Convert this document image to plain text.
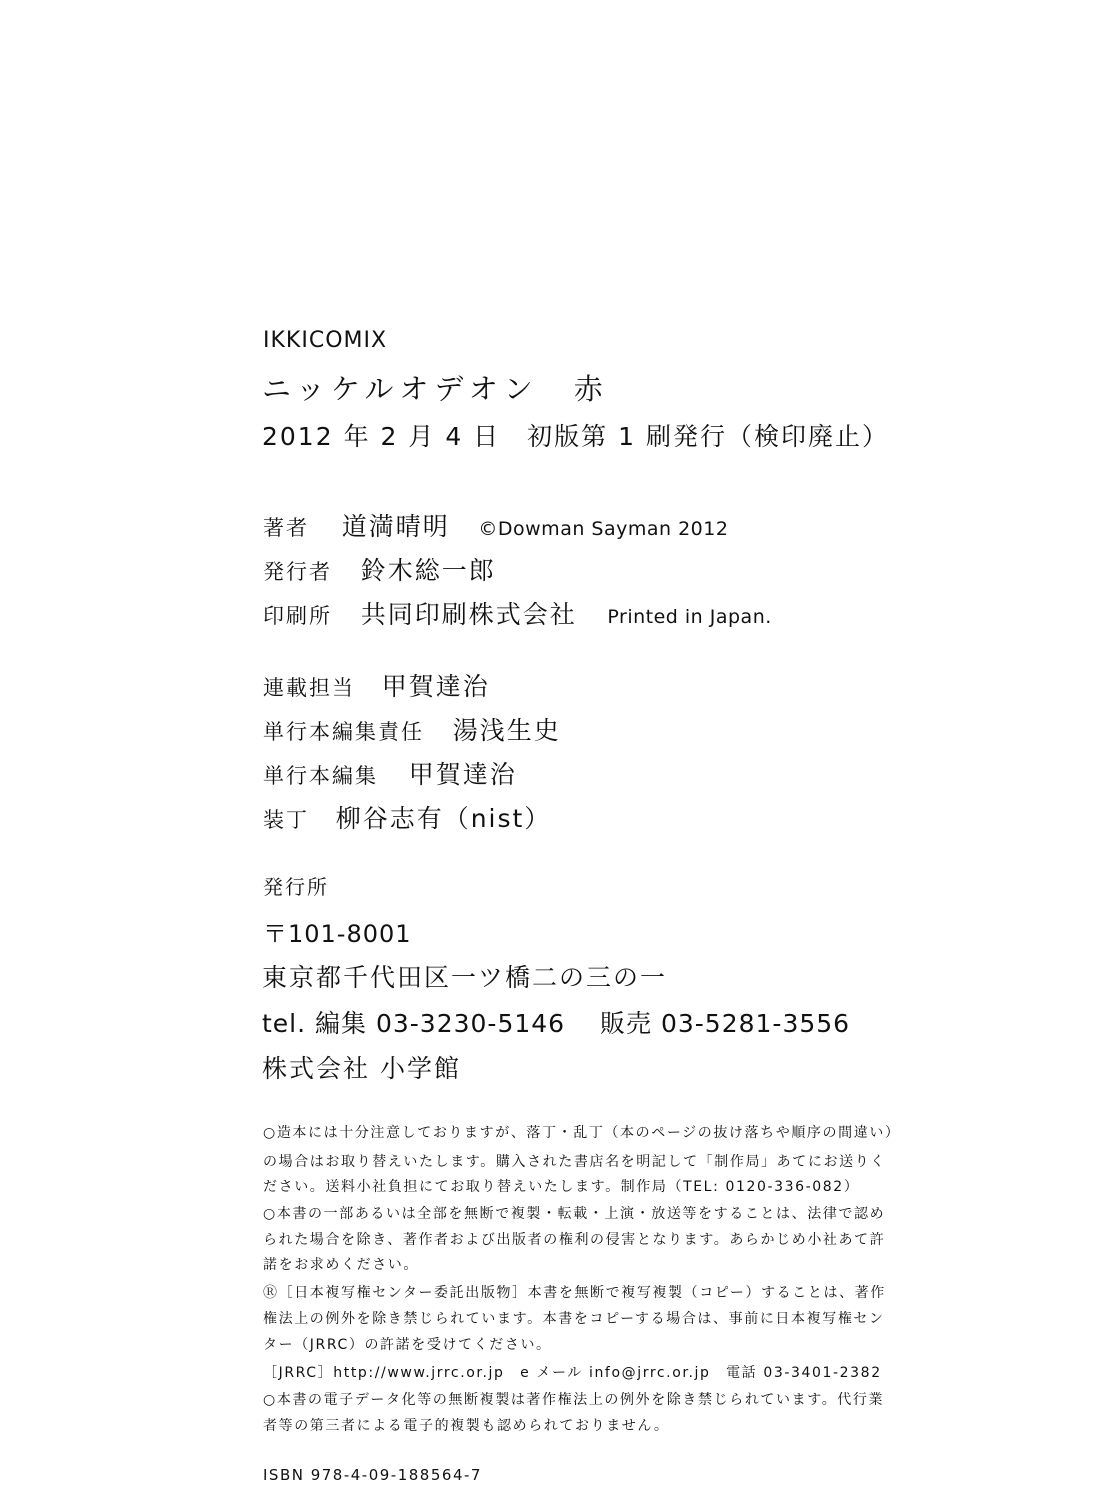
IKKICOMIX
ニッケルオデオン　赤
2012 年 2 月 4 日　初版第 1 刷発行（検印廃止）
著者 道満晴明 ©Dowman Sayman 2012
発行者 鈴木総一郎
印刷所 共同印刷株式会社 Printed in Japan.
連載担当 甲賀達治
単行本編集責任 湯浅生史
単行本編集 甲賀達治
装丁 柳谷志有（nist）
発行所
〒101-8001
東京都千代田区一ツ橋二の三の一
tel. 編集 03-3230-5146　 販売 03-5281-3556
株式会社 小学館
○造本には十分注意しておりますが、落丁・乱丁（本のページの抜け落ちや順序の間違い）
の場合はお取り替えいたします。購入された書店名を明記して「制作局」あてにお送りく
ださい。送料小社負担にてお取り替えいたします。制作局（TEL: 0120-336-082）
○本書の一部あるいは全部を無断で複製・転載・上演・放送等をすることは、法律で認め
られた場合を除き、著作者および出版者の権利の侵害となります。あらかじめ小社あて許
諾をお求めください。
Ⓡ［日本複写権センター委託出版物］本書を無断で複写複製（コピー）することは、著作
権法上の例外を除き禁じられています。本書をコピーする場合は、事前に日本複写権セン
ター（JRRC）の許諾を受けてください。
［JRRC］http://www.jrrc.or.jp　e メール info@jrrc.or.jp　電話 03-3401-2382
○本書の電子データ化等の無断複製は著作権法上の例外を除き禁じられています。代行業
者等の第三者による電子的複製も認められておりません。
ISBN 978-4-09-188564-7
